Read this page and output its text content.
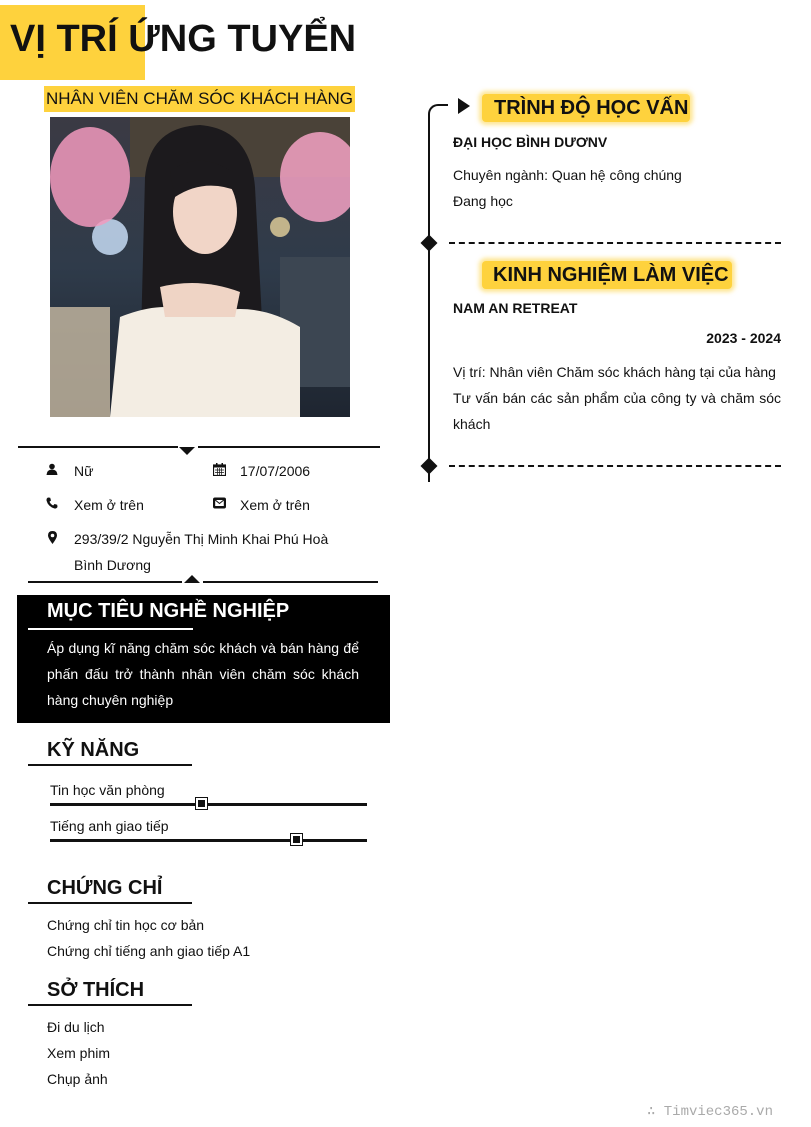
VỊ TRÍ ỨNG TUYỂN
NHÂN VIÊN CHĂM SÓC KHÁCH HÀNG
Nữ	17/07/2006
Xem ở trên	Xem ở trên
293/39/2 Nguyễn Thị Minh Khai Phú Hoà
Bình Dương
MỤC TIÊU NGHỀ NGHIỆP
Áp dụng kĩ năng chăm sóc khách và bán hàng để phấn đấu trở thành nhân viên chăm sóc khách hàng chuyên nghiệp
KỸ NĂNG
Tin học văn phòng
Tiếng anh giao tiếp
CHỨNG CHỈ
Chứng chỉ tin học cơ bản
Chứng chỉ tiếng anh giao tiếp A1
SỞ THÍCH
Đi du lịch
Xem phim
Chụp ảnh
TRÌNH ĐỘ HỌC VẤN
ĐẠI HỌC BÌNH DƯƠNV
Chuyên ngành: Quan hệ công chúng
Đang học
KINH NGHIỆM LÀM VIỆC
NAM AN RETREAT
2023 - 2024
Vị trí: Nhân viên Chăm sóc khách hàng tại của hàng
Tư vấn bán các sản phẩm của công ty và chăm sóc khách
∴ Timviec365.vn
